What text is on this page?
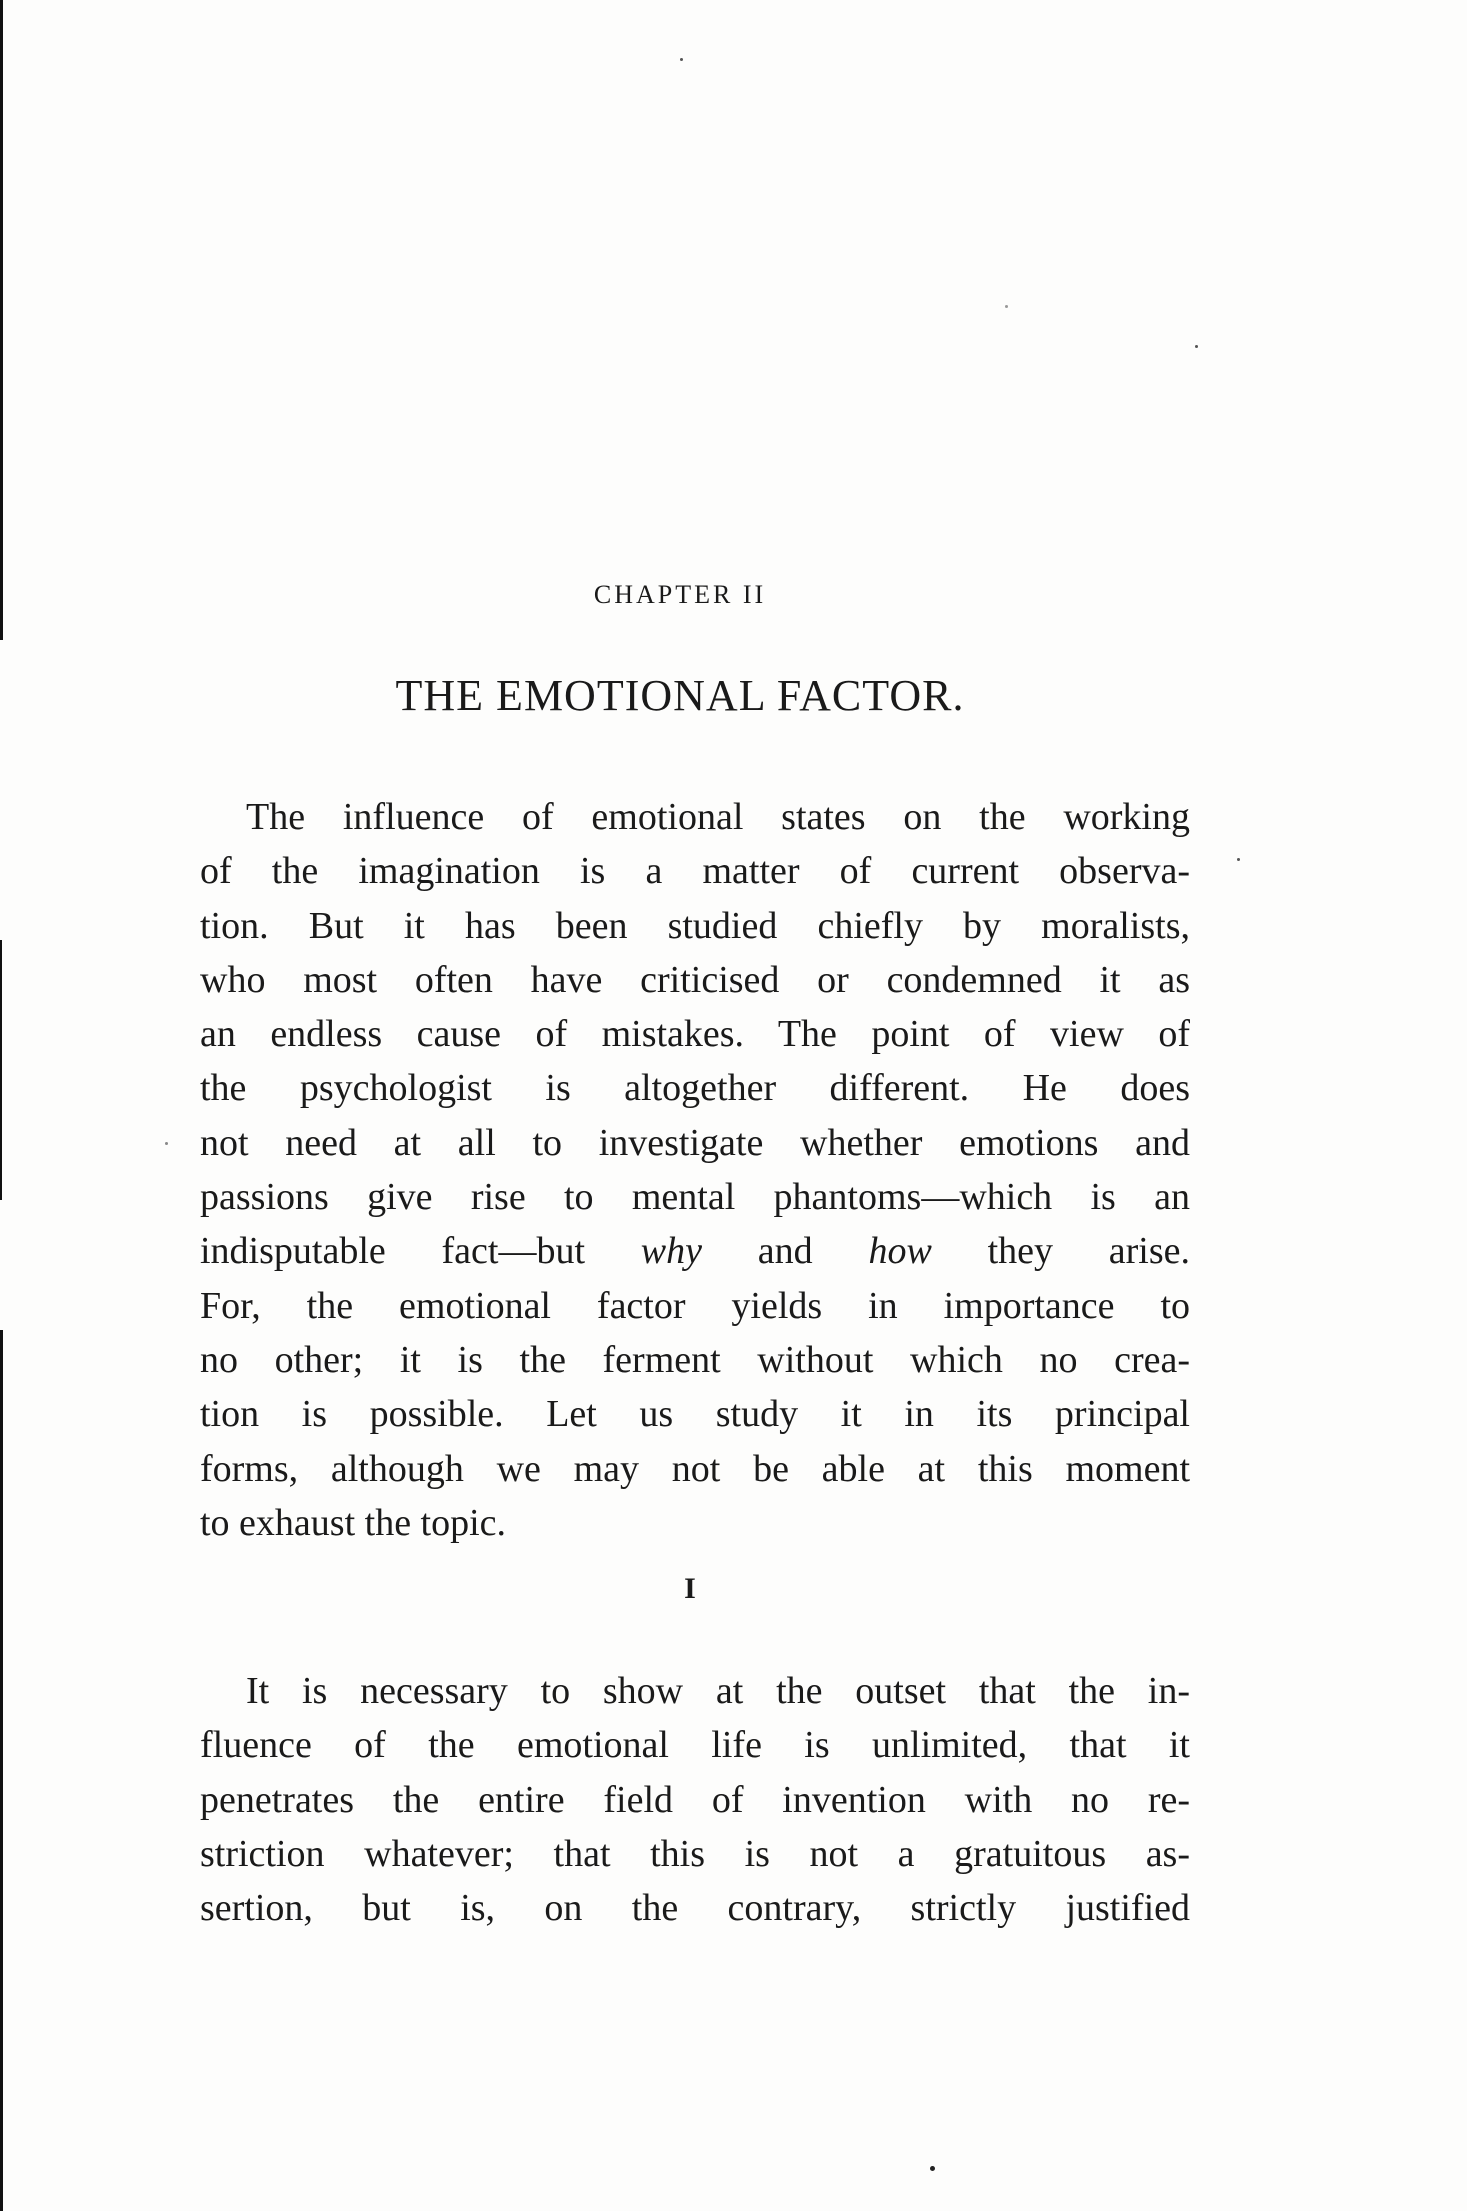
CHAPTER II
THE EMOTIONAL FACTOR.
The influence of emotional states on the working
of the imagination is a matter of current observa-
tion. But it has been studied chiefly by moralists,
who most often have criticised or condemned it as
an endless cause of mistakes. The point of view of
the psychologist is altogether different. He does
not need at all to investigate whether emotions and
passions give rise to mental phantoms—which is an
indisputable fact—but why and how they arise.
For, the emotional factor yields in importance to
no other; it is the ferment without which no crea-
tion is possible. Let us study it in its principal
forms, although we may not be able at this moment
to exhaust the topic.
I
It is necessary to show at the outset that the in-
fluence of the emotional life is unlimited, that it
penetrates the entire field of invention with no re-
striction whatever; that this is not a gratuitous as-
sertion, but is, on the contrary, strictly justified
